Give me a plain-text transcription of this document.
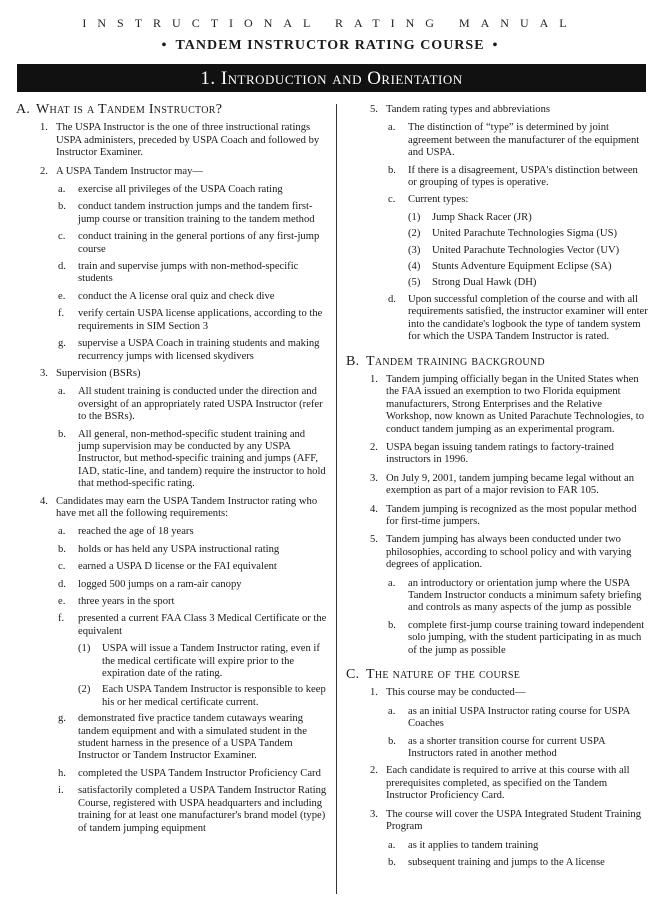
INSTRUCTIONAL RATING MANUAL
• TANDEM INSTRUCTOR RATING COURSE •
1. Introduction and Orientation
A. What is a Tandem Instructor?
1. The USPA Instructor is the one of three instructional ratings USPA administers, preceded by USPA Coach and followed by Instructor Examiner.
2. A USPA Tandem Instructor may—
a. exercise all privileges of the USPA Coach rating
b. conduct tandem instruction jumps and the tandem first-jump course or transition training to the tandem method
c. conduct training in the general portions of any first-jump course
d. train and supervise jumps with non-method-specific students
e. conduct the A license oral quiz and check dive
f. verify certain USPA license applications, according to the requirements in SIM Section 3
g. supervise a USPA Coach in training students and making recurrency jumps with licensed skydivers
3. Supervision (BSRs)
a. All student training is conducted under the direction and oversight of an appropriately rated USPA Instructor (refer to the BSRs).
b. All general, non-method-specific student training and jump supervision may be conducted by any USPA Instructor, but method-specific training and jumps (AFF, IAD, static-line, and tandem) require the instructor to hold that method-specific rating.
4. Candidates may earn the USPA Tandem Instructor rating who have met all the following requirements:
a. reached the age of 18 years
b. holds or has held any USPA instructional rating
c. earned a USPA D license or the FAI equivalent
d. logged 500 jumps on a ram-air canopy
e. three years in the sport
f. presented a current FAA Class 3 Medical Certificate or the equivalent
(1) USPA will issue a Tandem Instructor rating, even if the medical certificate will expire prior to the expiration date of the rating.
(2) Each USPA Tandem Instructor is responsible to keep his or her medical certificate current.
g. demonstrated five practice tandem cutaways wearing tandem equipment and with a simulated student in the student harness in the presence of a USPA Tandem Instructor or Tandem Instructor Examiner.
h. completed the USPA Tandem Instructor Proficiency Card
i. satisfactorily completed a USPA Tandem Instructor Rating Course, registered with USPA headquarters and including training for at least one manufacturer's brand model (type) of tandem jumping equipment
5. Tandem rating types and abbreviations
a. The distinction of “type” is determined by joint agreement between the manufacturer of the equipment and USPA.
b. If there is a disagreement, USPA's distinction between or grouping of types is operative.
c. Current types:
(1) Jump Shack Racer (JR)
(2) United Parachute Technologies Sigma (US)
(3) United Parachute Technologies Vector (UV)
(4) Stunts Adventure Equipment Eclipse (SA)
(5) Strong Dual Hawk (DH)
d. Upon successful completion of the course and with all requirements satisfied, the instructor examiner will enter into the candidate's logbook the type of tandem system for which the USPA Tandem Instructor is rated.
B. Tandem training background
1. Tandem jumping officially began in the United States when the FAA issued an exemption to two Florida equipment manufacturers, Strong Enterprises and the Relative Workshop, now known as United Parachute Technologies, to conduct tandem jumping as an experimental program.
2. USPA began issuing tandem ratings to factory-trained instructors in 1996.
3. On July 9, 2001, tandem jumping became legal without an exemption as part of a major revision to FAR 105.
4. Tandem jumping is recognized as the most popular method for first-time jumpers.
5. Tandem jumping has always been conducted under two philosophies, according to school policy and with varying degrees of application.
a. an introductory or orientation jump where the USPA Tandem Instructor conducts a minimum safety briefing and controls as many aspects of the jump as possible
b. complete first-jump course training toward independent solo jumping, with the student participating in as much of the jump as possible
C. The nature of the course
1. This course may be conducted—
a. as an initial USPA Instructor rating course for USPA Coaches
b. as a shorter transition course for current USPA Instructors rated in another method
2. Each candidate is required to arrive at this course with all prerequisites completed, as specified on the Tandem Instructor Proficiency Card.
3. The course will cover the USPA Integrated Student Training Program
a. as it applies to tandem training
b. subsequent training and jumps to the A license
